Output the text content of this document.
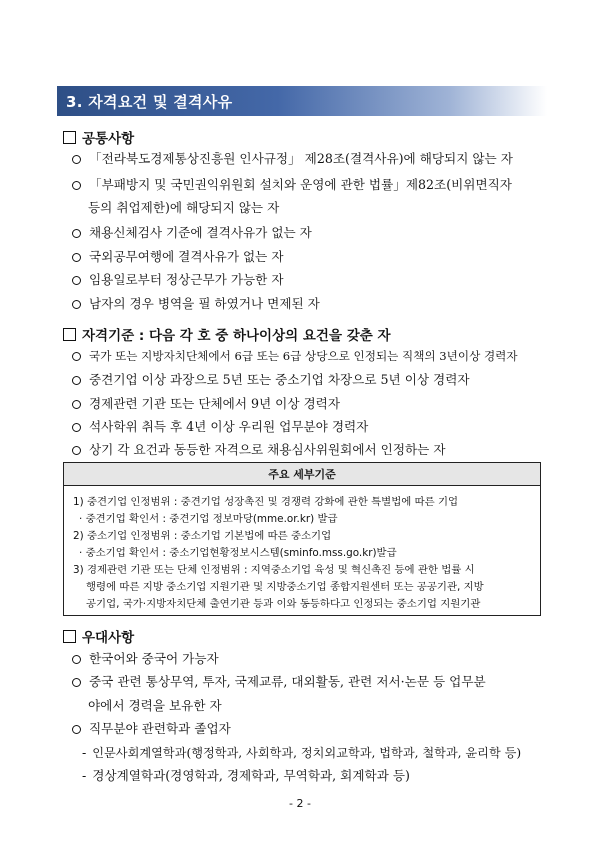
3. 자격요건 및 결격사유
공통사항
「전라북도경제통상진흥원 인사규정」 제28조(결격사유)에 해당되지 않는 자
「부패방지 및 국민권익위원회 설치와 운영에 관한 법률」제82조(비위면직자
등의 취업제한)에 해당되지 않는 자
채용신체검사 기준에 결격사유가 없는 자
국외공무여행에 결격사유가 없는 자
임용일로부터 정상근무가 가능한 자
남자의 경우 병역을 필 하였거나 면제된 자
자격기준 : 다음 각 호 중 하나이상의 요건을 갖춘 자
국가 또는 지방자치단체에서 6급 또는 6급 상당으로 인정되는 직책의 3년이상 경력자
중견기업 이상 과장으로 5년 또는 중소기업 차장으로 5년 이상 경력자
경제관련 기관 또는 단체에서 9년 이상 경력자
석사학위 취득 후 4년 이상 우리원 업무분야 경력자
상기 각 요건과 동등한 자격으로 채용심사위원회에서 인정하는 자
주요 세부기준
1) 중견기업 인정범위 : 중견기업 성장촉진 및 경쟁력 강화에 관한 특별법에 따른 기업
· 중견기업 확인서 : 중견기업 정보마당(mme.or.kr) 발급
2) 중소기업 인정범위 : 중소기업 기본법에 따른 중소기업
· 중소기업 확인서 : 중소기업현황정보시스템(sminfo.mss.go.kr)발급
3) 경제관련 기관 또는 단체 인정범위 : 지역중소기업 육성 및 혁신촉진 등에 관한 법률 시
행령에 따른 지방 중소기업 지원기관 및 지방중소기업 종합지원센터 또는 공공기관, 지방
공기업, 국가·지방자치단체 출연기관 등과 이와 동등하다고 인정되는 중소기업 지원기관
우대사항
한국어와 중국어 가능자
중국 관련 통상무역, 투자, 국제교류, 대외활동, 관련 저서·논문 등 업무분
야에서 경력을 보유한 자
직무분야 관련학과 졸업자
- 인문사회계열학과(행정학과, 사회학과, 정치외교학과, 법학과, 철학과, 윤리학 등)
- 경상계열학과(경영학과, 경제학과, 무역학과, 회계학과 등)
- 2 -
